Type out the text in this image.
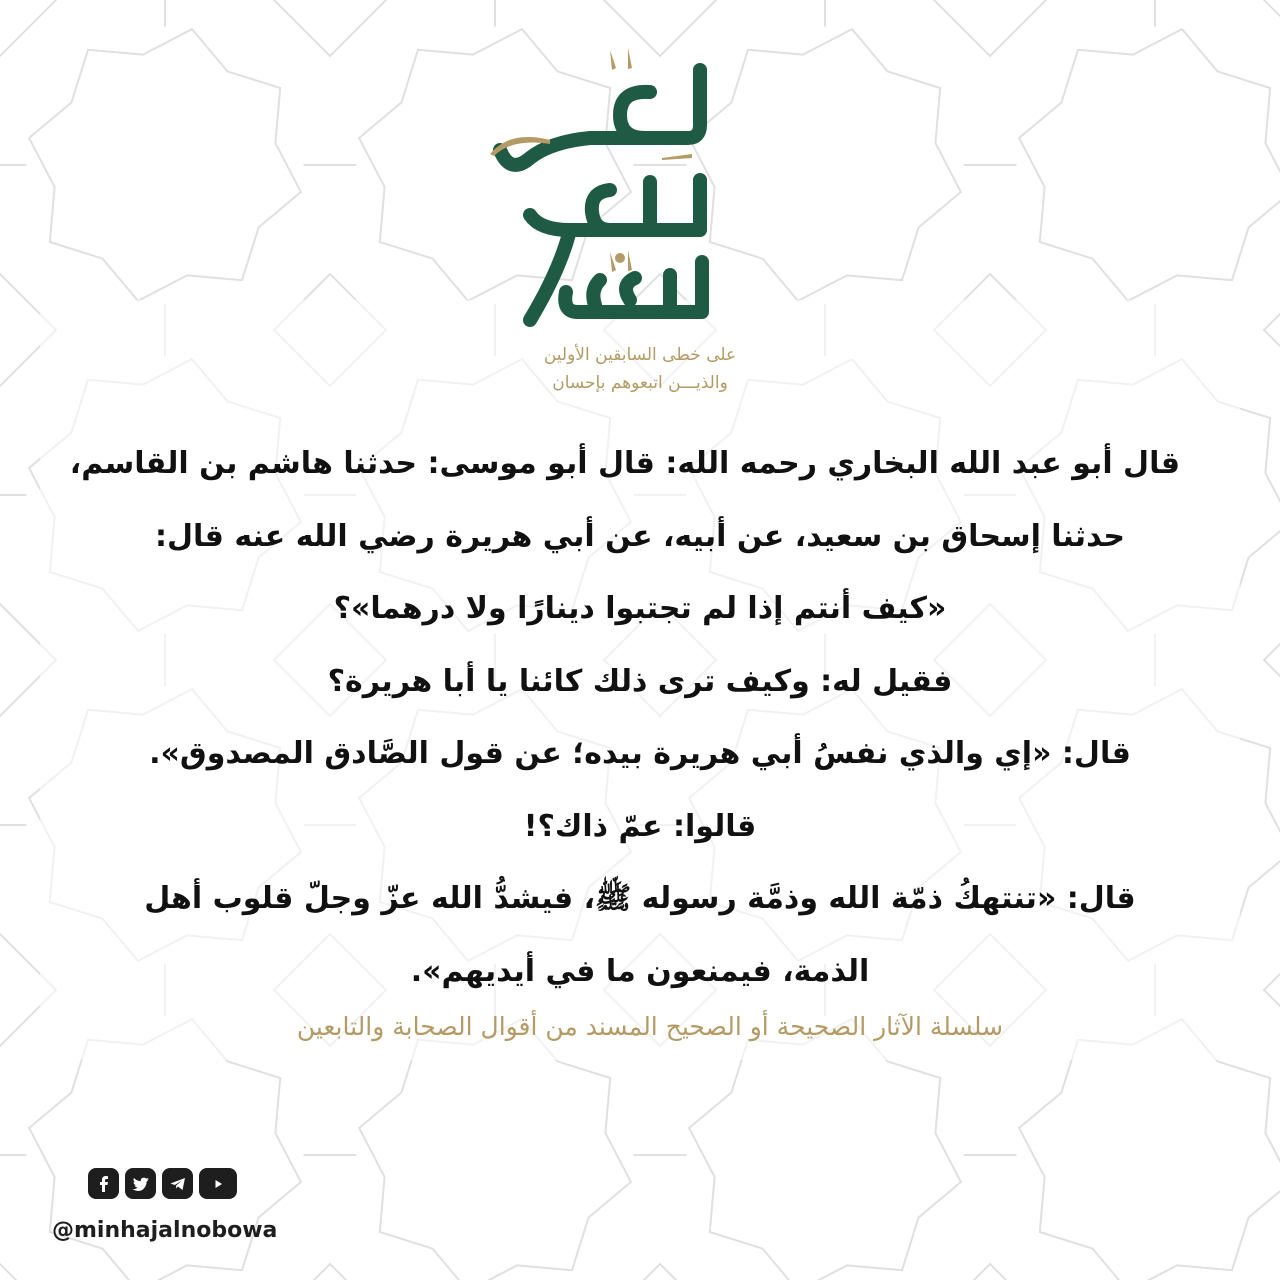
على خطى السابقين الأولين
والذيـــن اتبعوهم بإحسان
قال أبو عبد الله البخاري رحمه الله: قال أبو موسى: حدثنا هاشم بن القاسم،
حدثنا إسحاق بن سعيد، عن أبيه، عن أبي هريرة رضي الله عنه قال:
«كيف أنتم إذا لم تجتبوا دينارًا ولا درهما»؟
فقيل له: وكيف ترى ذلك كائنا يا أبا هريرة؟
قال: «إي والذي نفسُ أبي هريرة بيده؛ عن قول الصَّادق المصدوق».
قالوا: عمّ ذاك؟!
قال: «تنتهكُ ذمّة الله وذمَّة رسوله ﷺ، فيشدُّ الله عزّ وجلّ قلوب أهل
الذمة، فيمنعون ما في أيديهم».
سلسلة الآثار الصحيحة أو الصحيح المسند من أقوال الصحابة والتابعين
@minhajalnobowa
